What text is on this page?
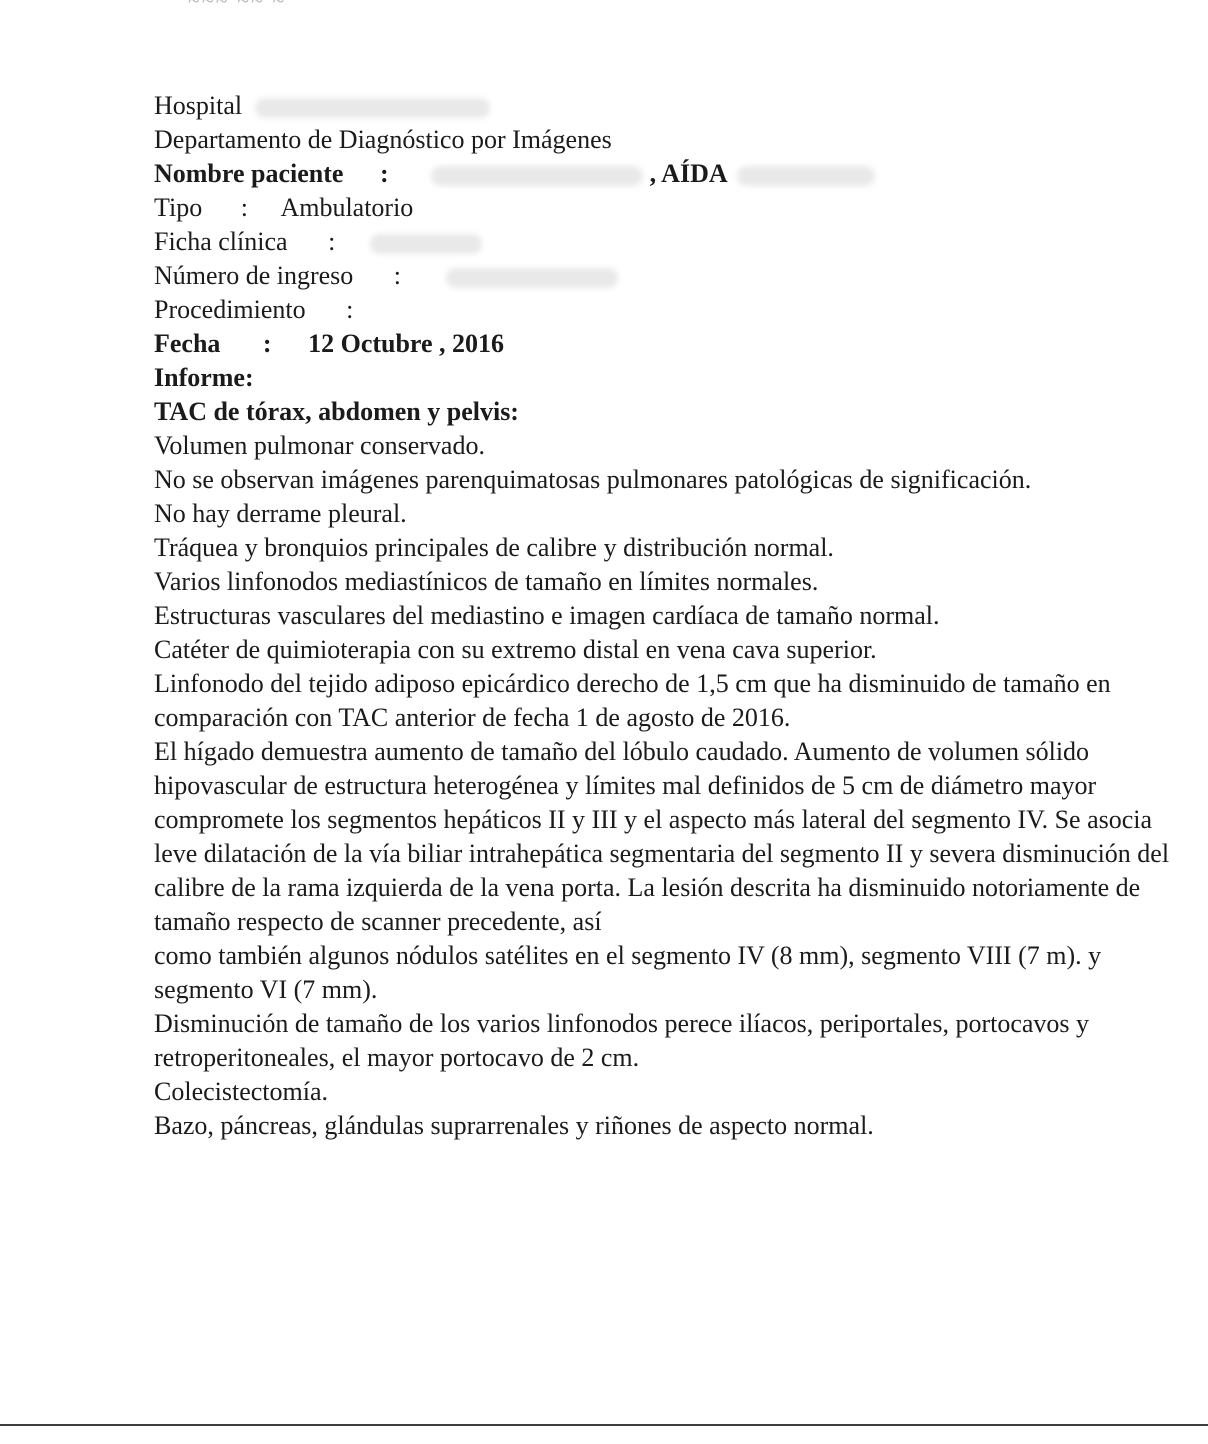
Hospital
Departamento de Diagnóstico por Imágenes
Nombre paciente :	, AÍDA
Tipo : Ambulatorio
Ficha clínica :
Número de ingreso :
Procedimiento :
Fecha : 12 Octubre , 2016
Informe:
TAC de tórax, abdomen y pelvis:
Volumen pulmonar conservado.
No se observan imágenes parenquimatosas pulmonares patológicas de significación.
No hay derrame pleural.
Tráquea y bronquios principales de calibre y distribución normal.
Varios linfonodos mediastínicos de tamaño en límites normales.
Estructuras vasculares del mediastino e imagen cardíaca de tamaño normal.
Catéter de quimioterapia con su extremo distal en vena cava superior.
Linfonodo del tejido adiposo epicárdico derecho de 1,5 cm que ha disminuido de tamaño en comparación con TAC anterior de fecha 1 de agosto de 2016.
El hígado demuestra aumento de tamaño del lóbulo caudado. Aumento de volumen sólido hipovascular de estructura heterogénea y límites mal definidos de 5 cm de diámetro mayor compromete los segmentos hepáticos II y III y el aspecto más lateral del segmento IV. Se asocia leve dilatación de la vía biliar intrahepática segmentaria del segmento II y severa disminución del calibre de la rama izquierda de la vena porta. La lesión descrita ha disminuido notoriamente de tamaño respecto de scanner precedente, así
como también algunos nódulos satélites en el segmento IV (8 mm), segmento VIII (7 m). y segmento VI (7 mm).
Disminución de tamaño de los varios linfonodos perece ilíacos, periportales, portocavos y retroperitoneales, el mayor portocavo de 2 cm.
Colecistectomía.
Bazo, páncreas, glándulas suprarrenales y riñones de aspecto normal.
